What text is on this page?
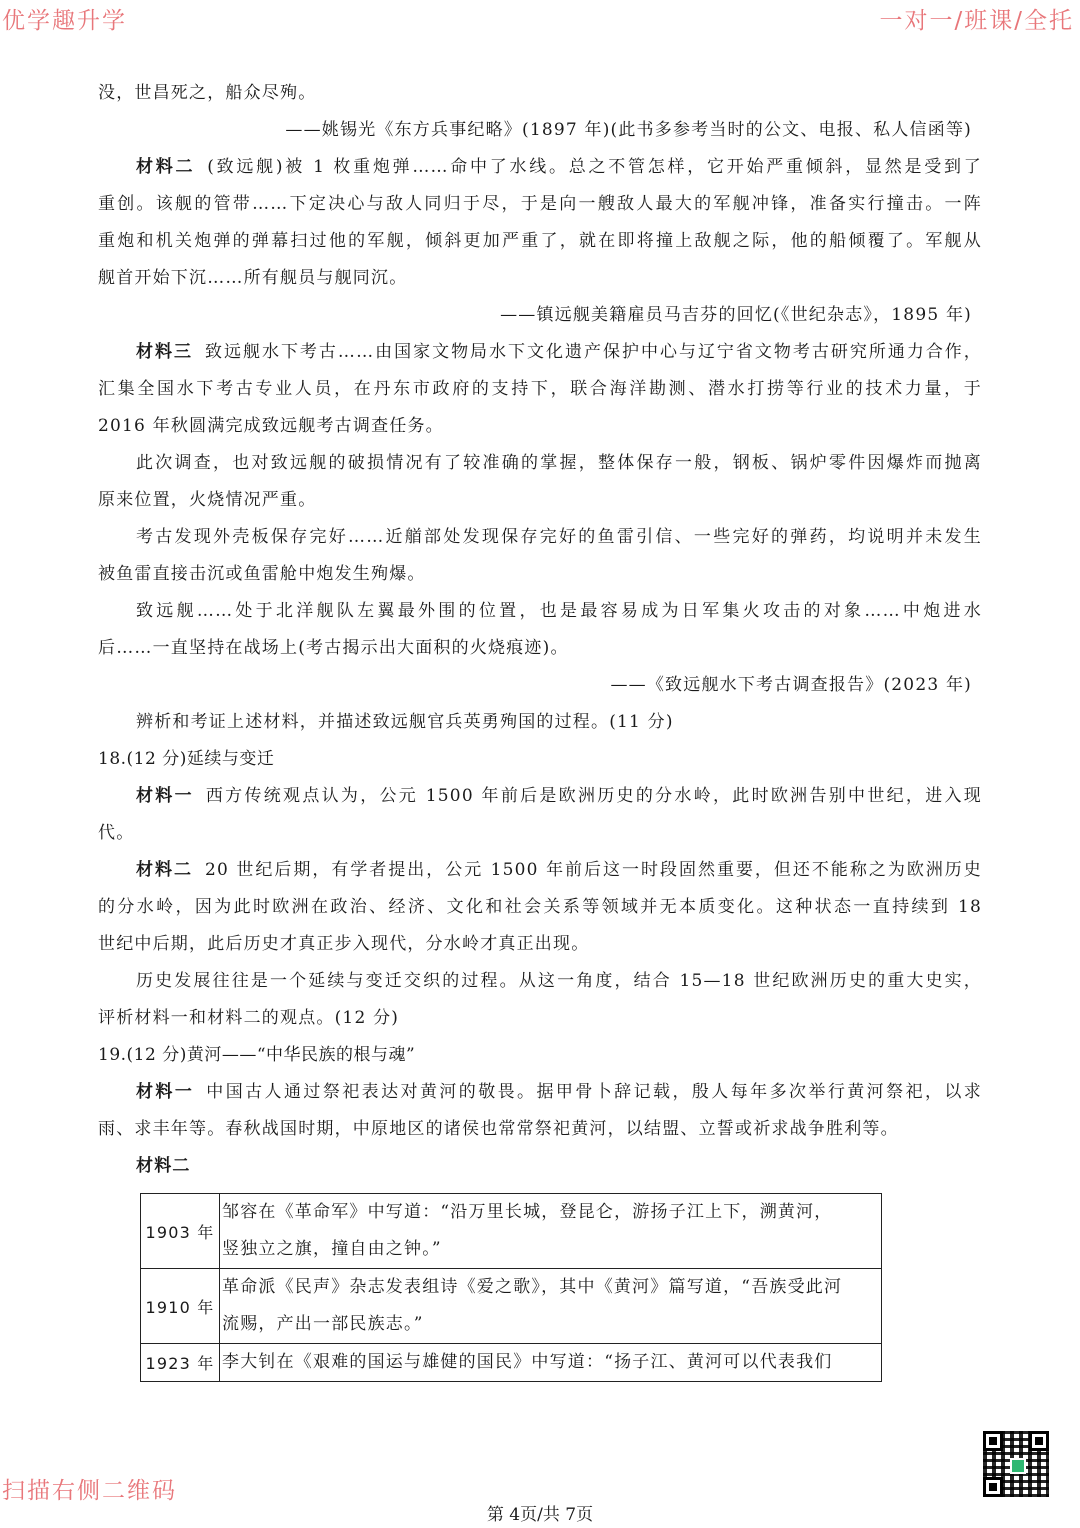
优学趣升学	一对一/班课/全托
没，世昌死之，船众尽殉。
——姚锡光《东方兵事纪略》(1897 年)(此书多参考当时的公文、电报、私人信函等)
材料二 (致远舰)被 1 枚重炮弹……命中了水线。总之不管怎样，它开始严重倾斜，显然是受到了
重创。该舰的管带……下定决心与敌人同归于尽，于是向一艘敌人最大的军舰冲锋，准备实行撞击。一阵
重炮和机关炮弹的弹幕扫过他的军舰，倾斜更加严重了，就在即将撞上敌舰之际，他的船倾覆了。军舰从
舰首开始下沉……所有舰员与舰同沉。
——镇远舰美籍雇员马吉芬的回忆(《世纪杂志》，1895 年)
材料三 致远舰水下考古……由国家文物局水下文化遗产保护中心与辽宁省文物考古研究所通力合作，
汇集全国水下考古专业人员，在丹东市政府的支持下，联合海洋勘测、潜水打捞等行业的技术力量，于
2016 年秋圆满完成致远舰考古调查任务。
此次调查，也对致远舰的破损情况有了较准确的掌握，整体保存一般，钢板、锅炉零件因爆炸而抛离
原来位置，火烧情况严重。
考古发现外壳板保存完好……近艏部处发现保存完好的鱼雷引信、一些完好的弹药，均说明并未发生
被鱼雷直接击沉或鱼雷舱中炮发生殉爆。
致远舰……处于北洋舰队左翼最外围的位置，也是最容易成为日军集火攻击的对象……中炮进水
后……一直坚持在战场上(考古揭示出大面积的火烧痕迹)。
——《致远舰水下考古调查报告》(2023 年)
辨析和考证上述材料，并描述致远舰官兵英勇殉国的过程。(11 分)
18.(12 分)延续与变迁
材料一 西方传统观点认为，公元 1500 年前后是欧洲历史的分水岭，此时欧洲告别中世纪，进入现
代。
材料二 20 世纪后期，有学者提出，公元 1500 年前后这一时段固然重要，但还不能称之为欧洲历史
的分水岭，因为此时欧洲在政治、经济、文化和社会关系等领域并无本质变化。这种状态一直持续到 18
世纪中后期，此后历史才真正步入现代，分水岭才真正出现。
历史发展往往是一个延续与变迁交织的过程。从这一角度，结合 15—18 世纪欧洲历史的重大史实，
评析材料一和材料二的观点。(12 分)
19.(12 分)黄河——“中华民族的根与魂”
材料一 中国古人通过祭祀表达对黄河的敬畏。据甲骨卜辞记载，殷人每年多次举行黄河祭祀，以求
雨、求丰年等。春秋战国时期，中原地区的诸侯也常常祭祀黄河，以结盟、立誓或祈求战争胜利等。
材料二
1903 年	邹容在《革命军》中写道：“沿万里长城，登昆仑，游扬子江上下，溯黄河，
竖独立之旗，撞自由之钟。”

1910 年	革命派《民声》杂志发表组诗《爱之歌》，其中《黄河》篇写道，“吾族受此河
流赐，产出一部民族志。”

1923 年	李大钊在《艰难的国运与雄健的国民》中写道：“扬子江、黄河可以代表我们
扫描右侧二维码
第 4页/共 7页
